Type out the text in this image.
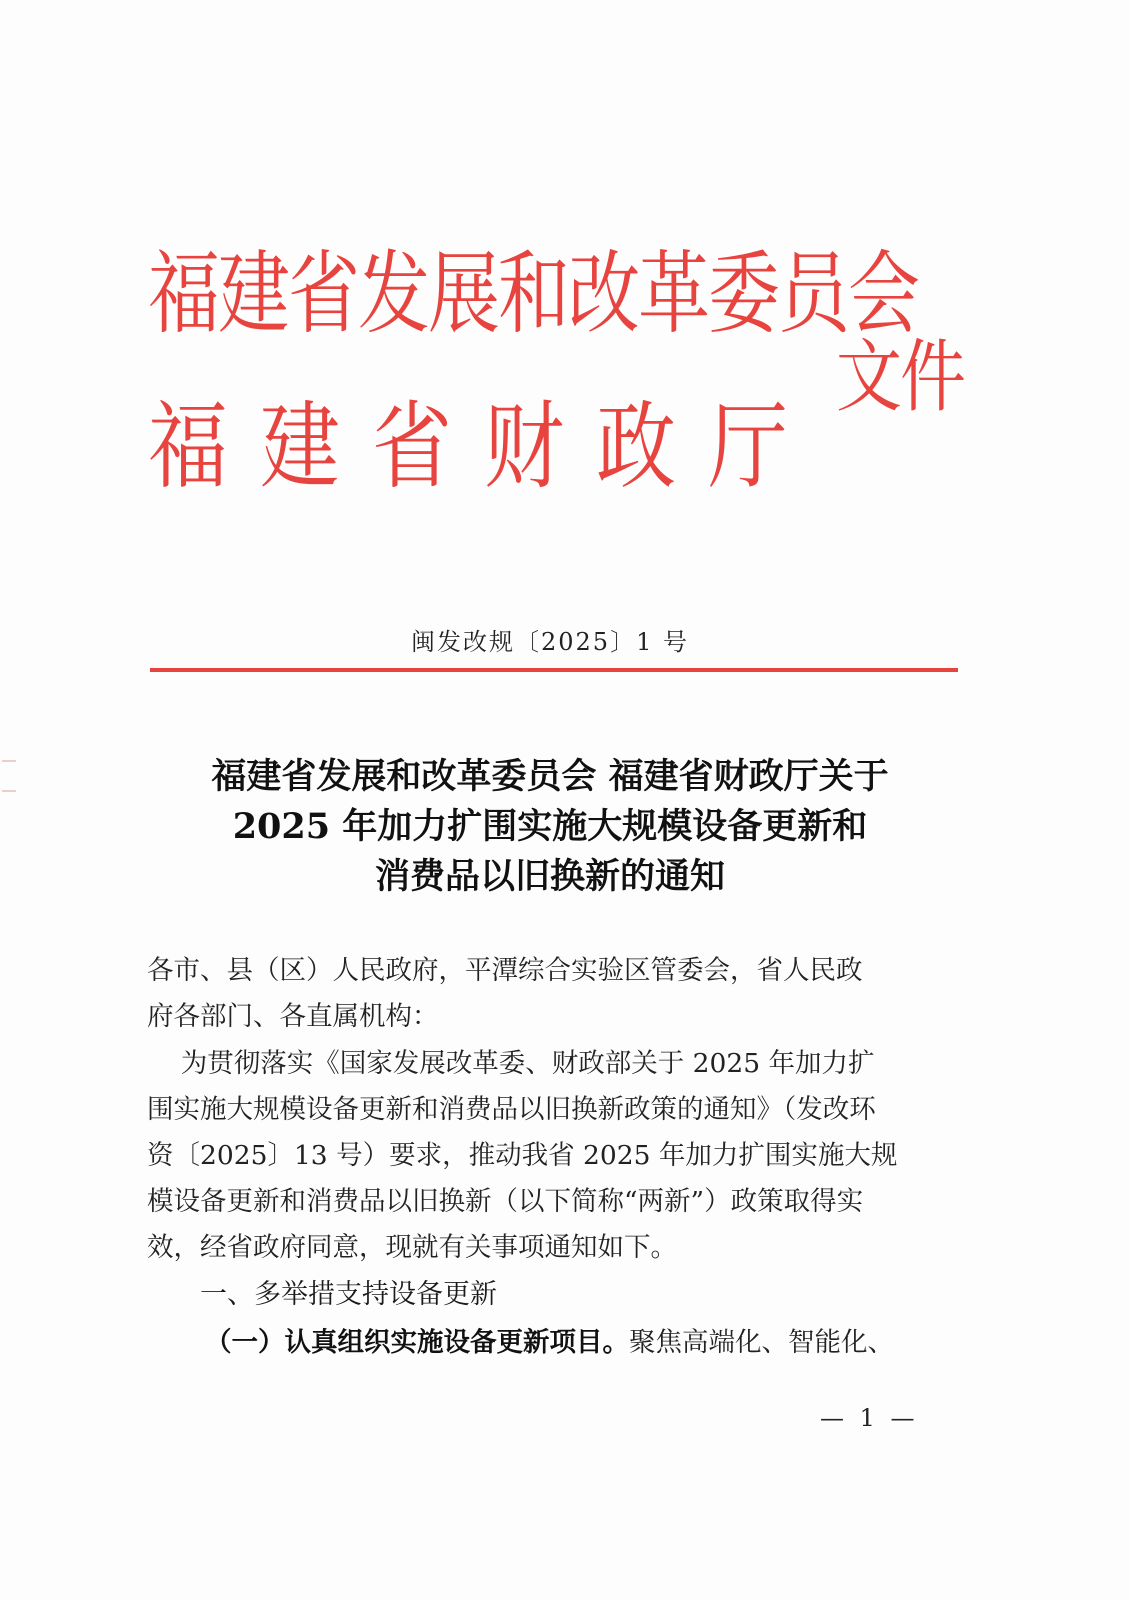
福建省发展和改革委员会
福建省财政厅
文件
闽发改规〔2025〕1 号
福建省发展和改革委员会 福建省财政厅关于
2025 年加力扩围实施大规模设备更新和
消费品以旧换新的通知
各市、县（区）人民政府，平潭综合实验区管委会，省人民政
府各部门、各直属机构：
为贯彻落实《国家发展改革委、财政部关于 2025 年加力扩
围实施大规模设备更新和消费品以旧换新政策的通知》（发改环
资〔2025〕13 号）要求，推动我省 2025 年加力扩围实施大规
模设备更新和消费品以旧换新（以下简称“两新”）政策取得实
效，经省政府同意，现就有关事项通知如下。
一、多举措支持设备更新
（一）认真组织实施设备更新项目。聚焦高端化、智能化、
— 1 —
